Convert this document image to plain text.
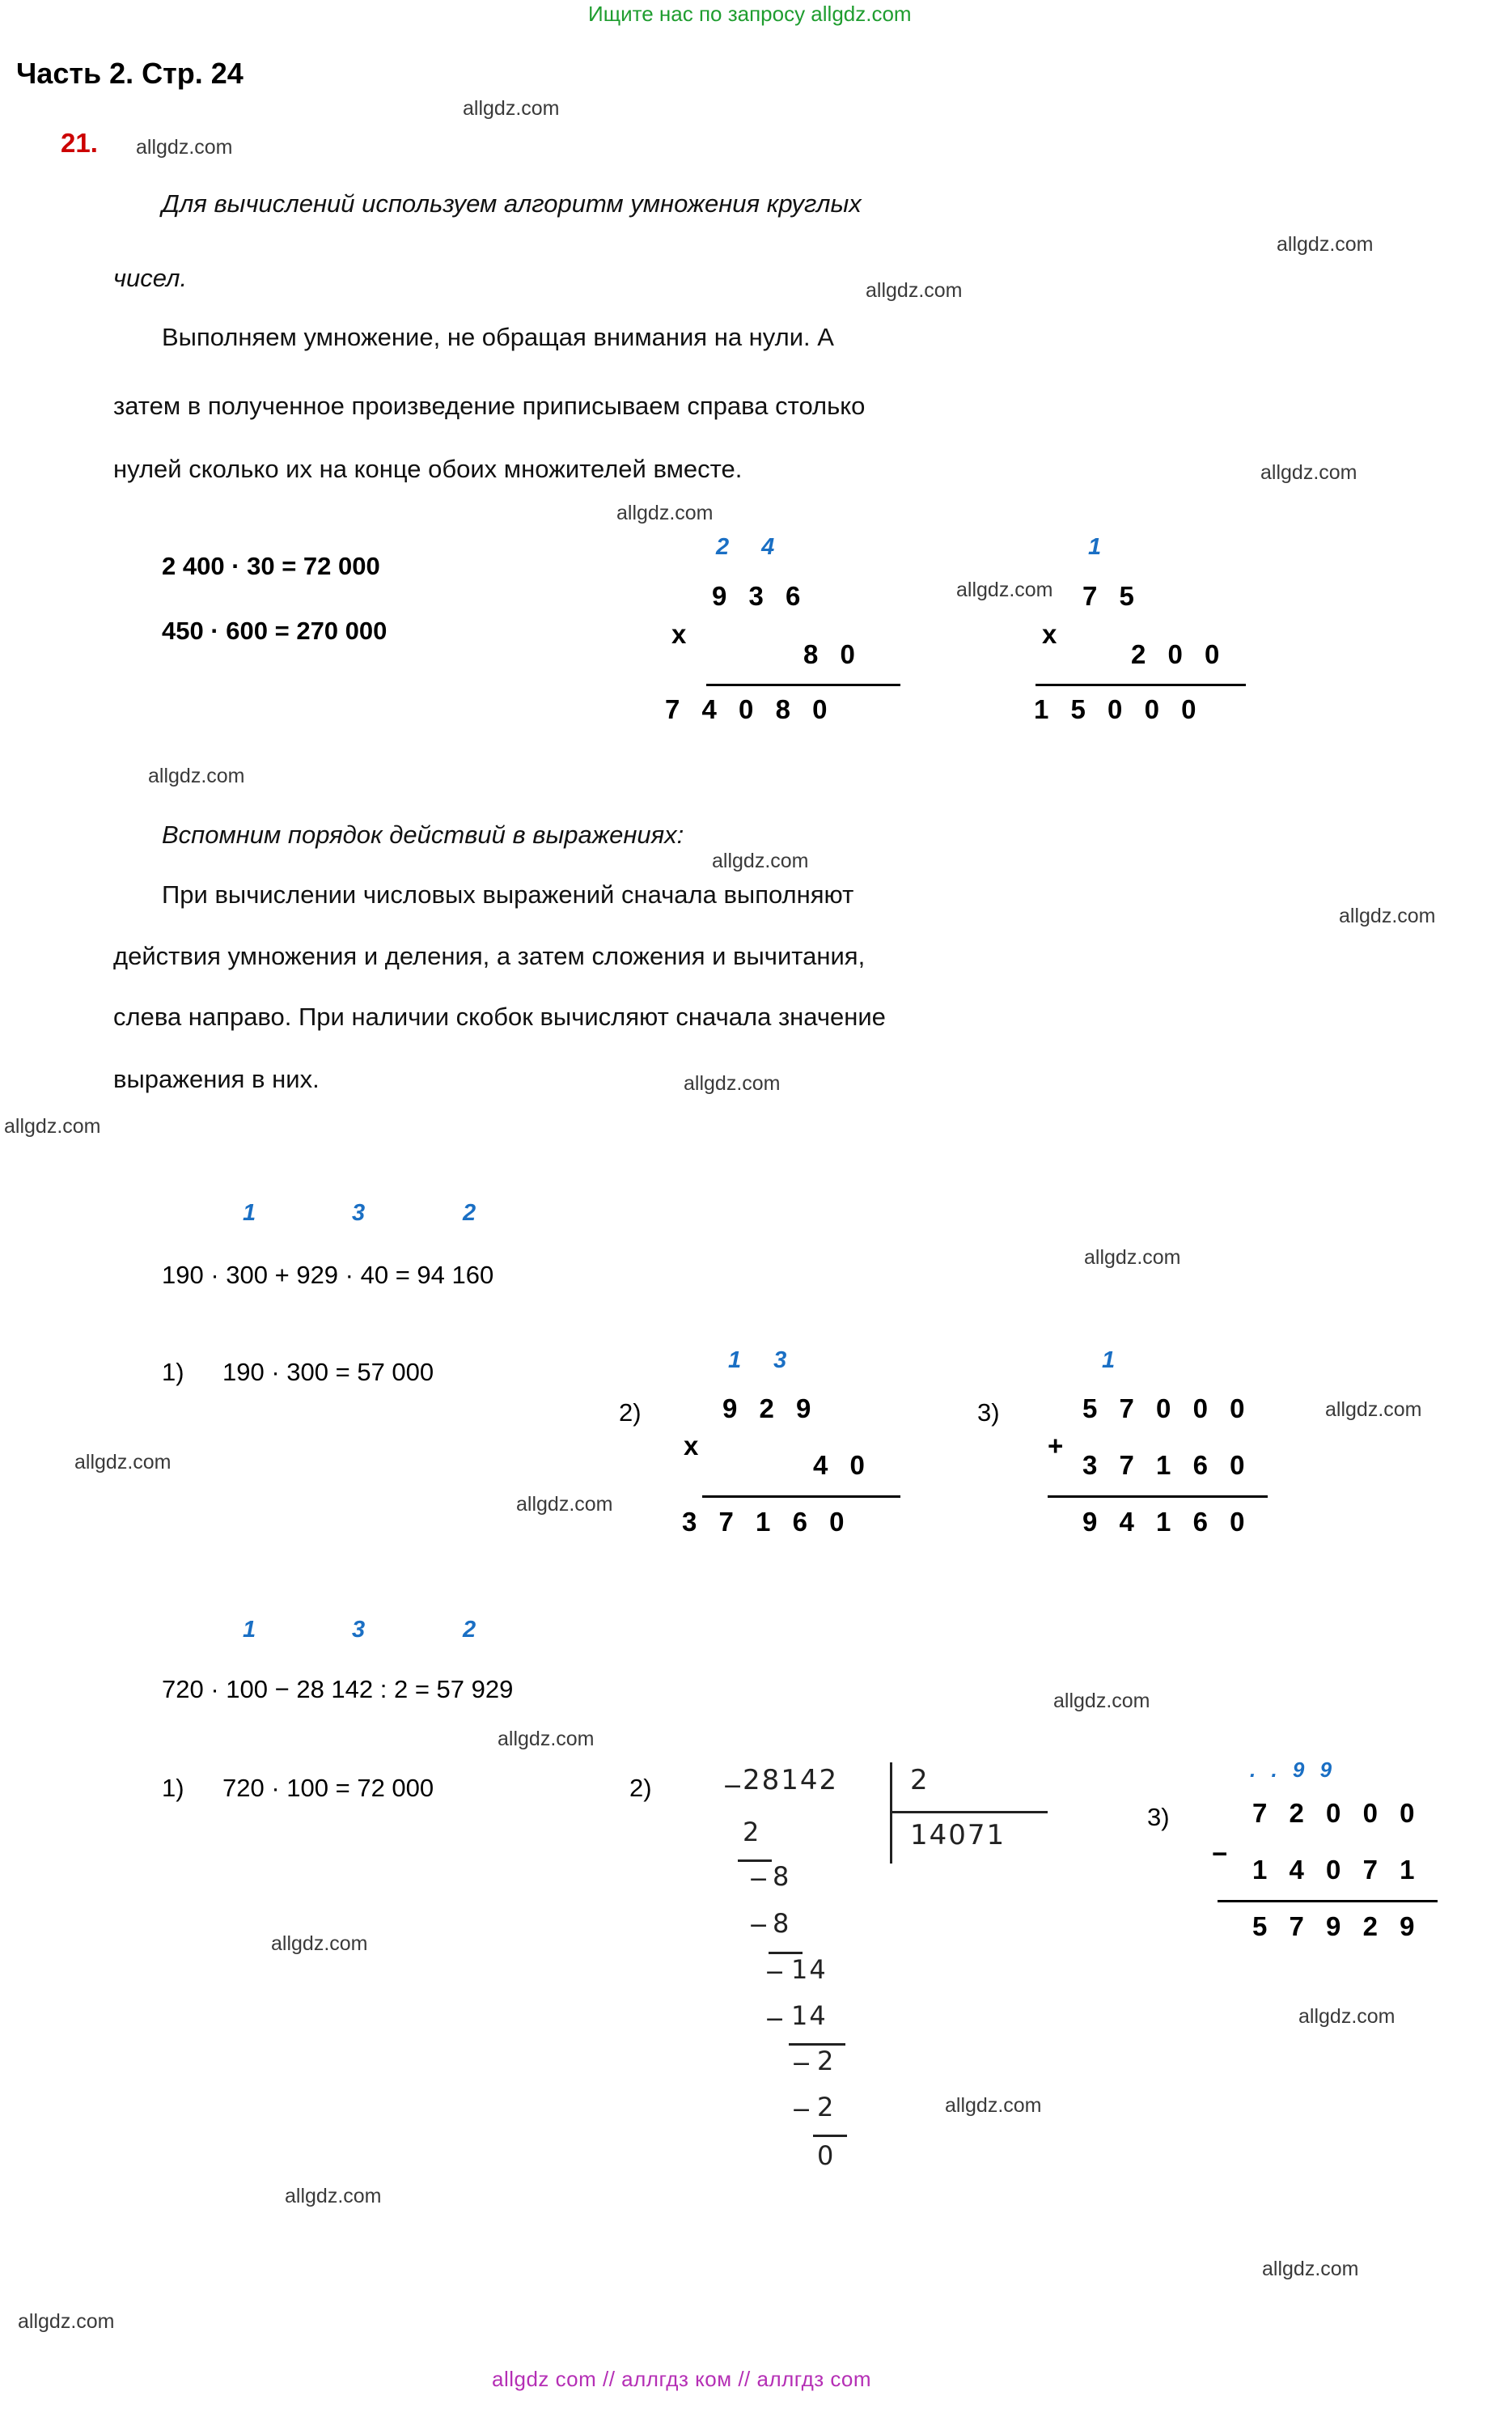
Ищите нас по запросу allgdz.com
Часть 2. Стр. 24
21.
allgdz.com
allgdz.com
Для вычислений используем алгоритм умножения круглых
чисел.
Выполняем умножение, не обращая внимания на нули. А
затем в полученное произведение приписываем справа столько
нулей сколько их на конце обоих множителей вместе.
allgdz.com
allgdz.com
allgdz.com
allgdz.com
2 400 · 30 = 72 000
450 · 600 = 270 000
2 4
9 3 6
х
8 0
7 4 0 8 0
1
7 5
х
2 0 0
1 5 0 0 0
allgdz.com
allgdz.com
Вспомним порядок действий в выражениях:
При вычислении числовых выражений сначала выполняют
действия умножения и деления, а затем сложения и вычитания,
слева направо. При наличии скобок вычисляют сначала значение
выражения в них.
allgdz.com
allgdz.com
allgdz.com
allgdz.com
1	3	2
190 · 300 + 929 · 40 = 94 160
1) 190 · 300 = 57 000
2)
1 3
9 2 9
х
4 0
3 7 1 6 0
3)
1
5 7 0 0 0
+
3 7 1 6 0
9 4 1 6 0
allgdz.com
allgdz.com
allgdz.com
allgdz.com
1	3	2
720 · 100 − 28 142 : 2 = 57 929
1) 720 · 100 = 72 000	2)	− 28142	2
14071
2
− 8
8
−
− 14
− 14
− 2
− 2
0
3)
. . 9 9
7 2 0 0 0
−
1 4 0 7 1
5 7 9 2 9
allgdz.com
allgdz.com
allgdz.com
allgdz.com
allgdz.com
allgdz.com
allgdz.com
allgdz.com
allgdz com // аллгдз ком // аллгдз сom
